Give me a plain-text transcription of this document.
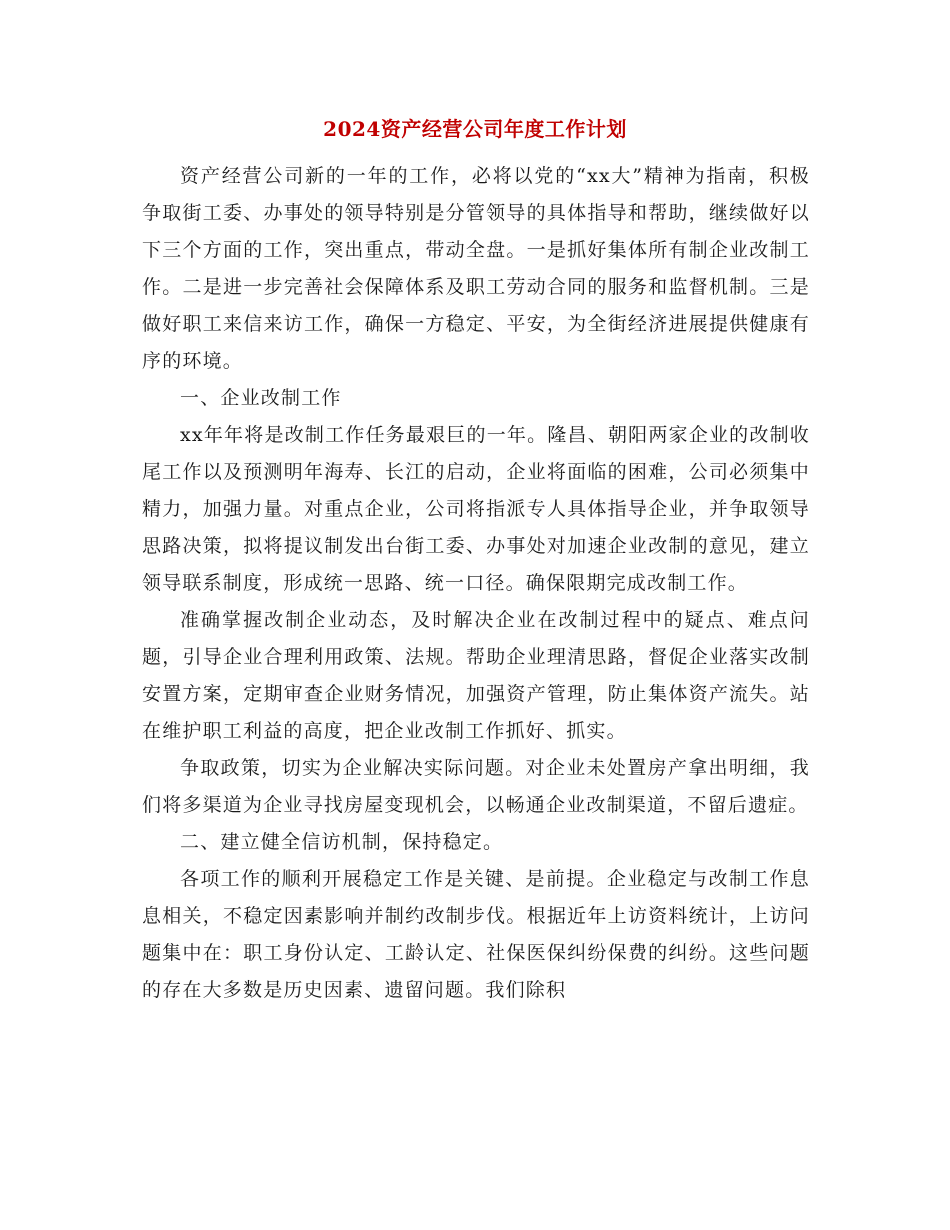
2024资产经营公司年度工作计划

资产经营公司新的一年的工作，必将以党的“xx大”精神为指南，积极争取街工委、办事处的领导特别是分管领导的具体指导和帮助，继续做好以下三个方面的工作，突出重点，带动全盘。一是抓好集体所有制企业改制工作。二是进一步完善社会保障体系及职工劳动合同的服务和监督机制。三是做好职工来信来访工作，确保一方稳定、平安，为全街经济进展提供健康有序的环境。

一、企业改制工作

xx年年将是改制工作任务最艰巨的一年。隆昌、朝阳两家企业的改制收尾工作以及预测明年海寿、长江的启动，企业将面临的困难，公司必须集中精力，加强力量。对重点企业，公司将指派专人具体指导企业，并争取领导思路决策，拟将提议制发出台街工委、办事处对加速企业改制的意见，建立领导联系制度，形成统一思路、统一口径。确保限期完成改制工作。

准确掌握改制企业动态，及时解决企业在改制过程中的疑点、难点问题，引导企业合理利用政策、法规。帮助企业理清思路，督促企业落实改制安置方案，定期审查企业财务情况，加强资产管理，防止集体资产流失。站在维护职工利益的高度，把企业改制工作抓好、抓实。

争取政策，切实为企业解决实际问题。对企业未处置房产拿出明细，我们将多渠道为企业寻找房屋变现机会，以畅通企业改制渠道，不留后遗症。

二、建立健全信访机制，保持稳定。

各项工作的顺利开展稳定工作是关键、是前提。企业稳定与改制工作息息相关，不稳定因素影响并制约改制步伐。根据近年上访资料统计，上访问题集中在：职工身份认定、工龄认定、社保医保纠纷保费的纠纷。这些问题的存在大多数是历史因素、遗留问题。我们除积
